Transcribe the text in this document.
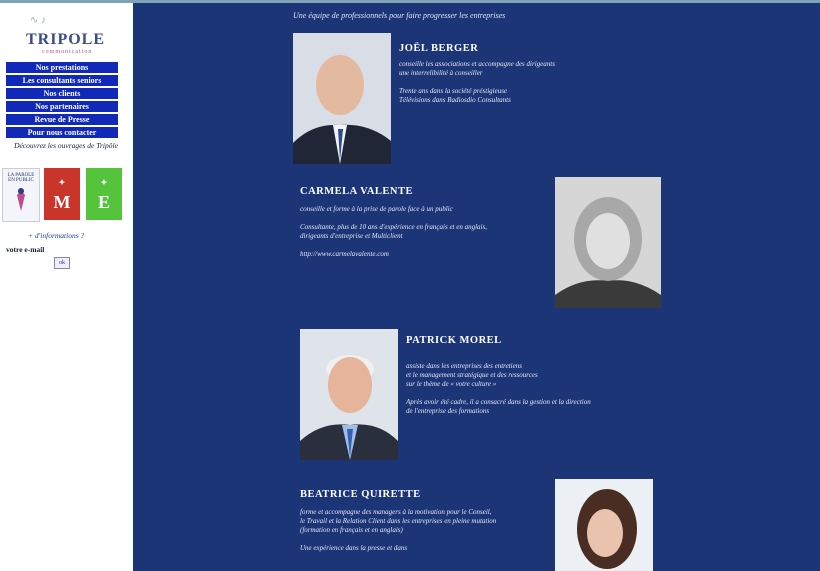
∿ ♪
TRIPOLE
communication
Nos prestations
Les consultants seniors
Nos clients
Nos partenaires
Revue de Presse
Pour nous contacter
Découvrez les ouvrages de Tripôle
LA PAROLE EN PUBLIC	✦
M
✦
E
+ d'informations ?
votre e-mail
ok
Une équipe de professionnels pour faire progresser les entreprises
JOËL BERGER
conseille les associations et accompagne des dirigeants
une interrelibilité à conseiller

Trente ans dans la société préstigieuse
Télévisions dans Radiosdio Consultants
CARMELA VALENTE
conseille et forme à la prise de parole face à un public

Consultante, plus de 10 ans d'expérience en français et en anglais,
dirigeants d'entreprise et Multiclient

http://www.carmelavalente.com
PATRICK MOREL
assiste dans les entreprises des entretiens
et le management stratégique et des ressources
sur le thème de « votre culture »

Après avoir été cadre, il a consacré dans la gestion et la direction
de l'entreprise des formations
BEATRICE QUIRETTE
forme et accompagne des managers à la motivation pour le Conseil,
le Travail et la Relation Client dans les entreprises en pleine mutation
(formation en français et en anglais)

Une expérience dans la presse et dans
